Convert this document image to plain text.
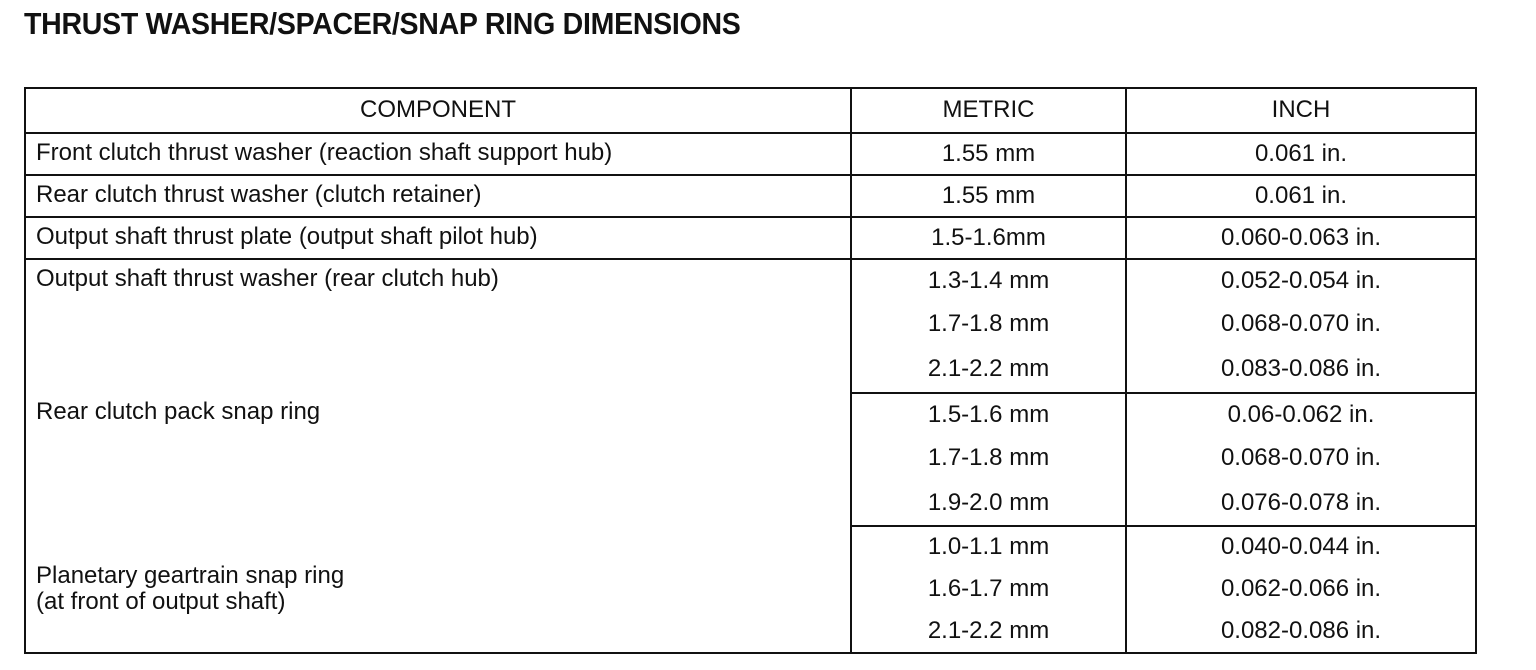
THRUST WASHER/SPACER/SNAP RING DIMENSIONS
COMPONENT	METRIC	INCH

Front clutch thrust washer (reaction shaft support hub)	1.55 mm	0.061 in.

Rear clutch thrust washer (clutch retainer)	1.55 mm	0.061 in.

Output shaft thrust plate (output shaft pilot hub)	1.5-1.6mm	0.060-0.063 in.

Output shaft thrust washer (rear clutch hub)	1.3-1.4 mm	0.052-0.054 in.
	1.7-1.8 mm	0.068-0.070 in.
	2.1-2.2 mm	0.083-0.086 in.

Rear clutch pack snap ring	1.5-1.6 mm	0.06-0.062 in.
	1.7-1.8 mm	0.068-0.070 in.
	1.9-2.0 mm	0.076-0.078 in.

Planetary geartrain snap ring
(at front of output shaft)	1.0-1.1 mm	0.040-0.044 in.
	1.6-1.7 mm	0.062-0.066 in.
	2.1-2.2 mm	0.082-0.086 in.
